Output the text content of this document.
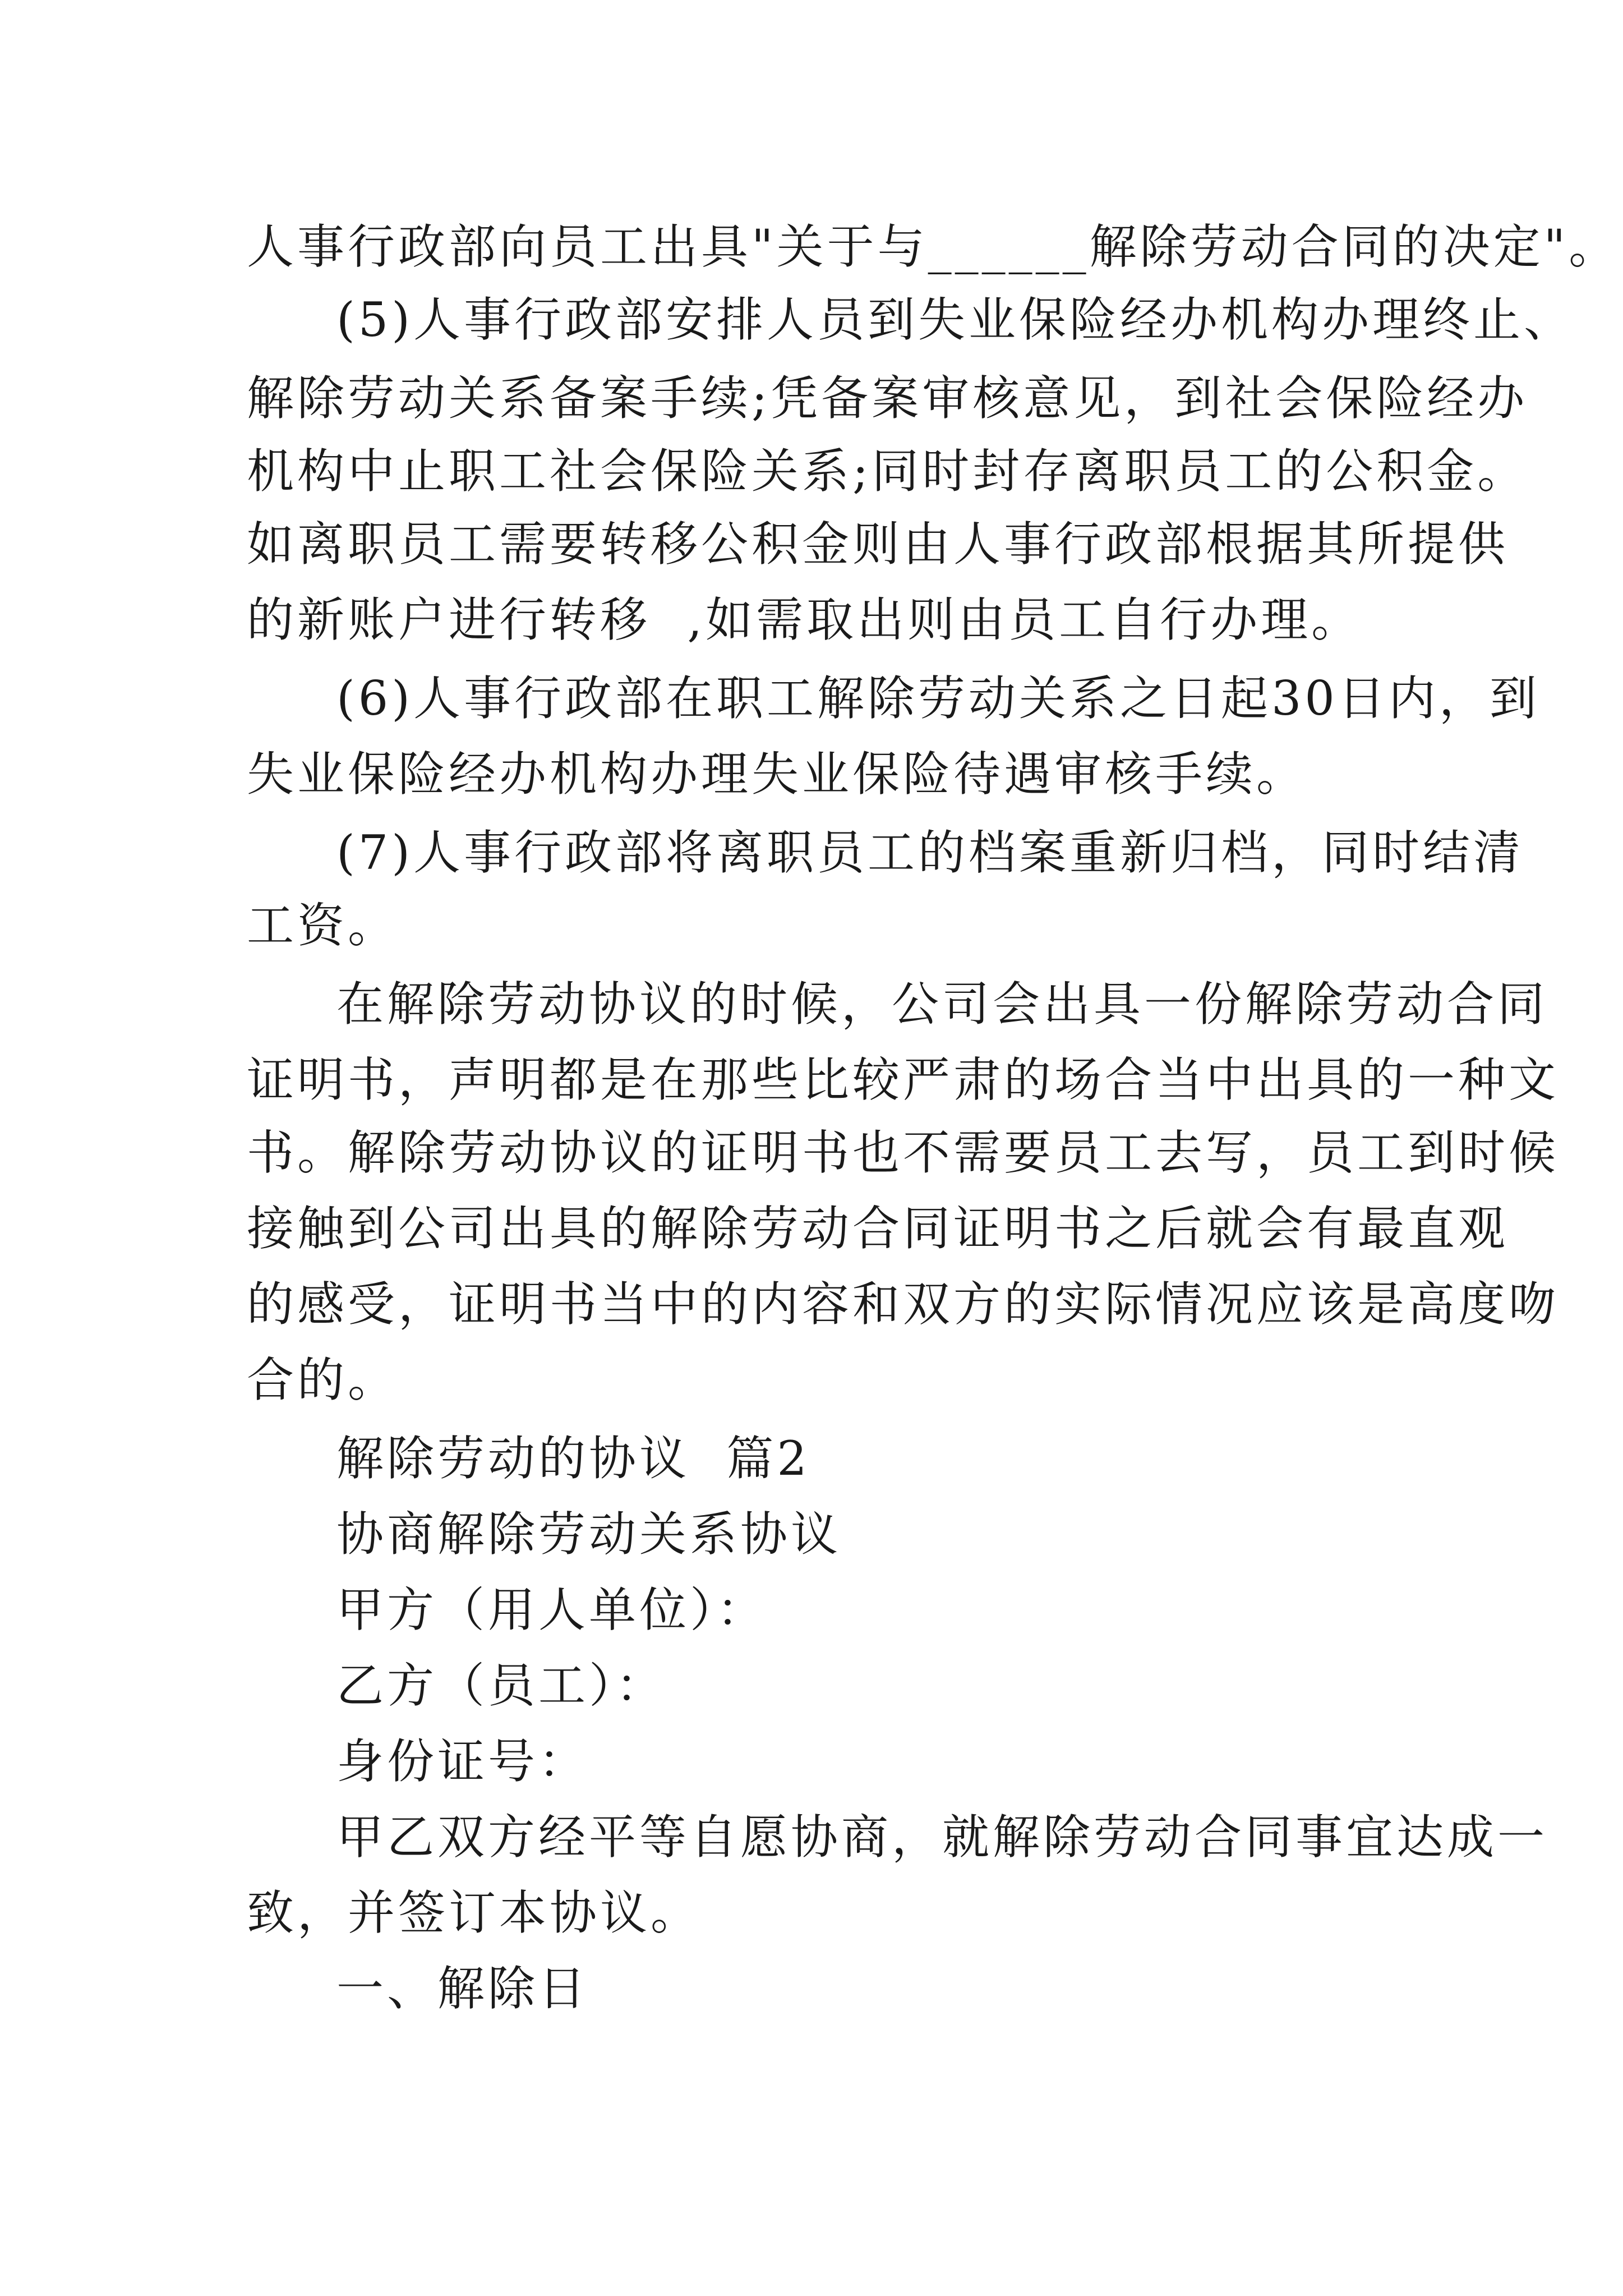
人事行政部向员工出具"关于与______解除劳动合同的决定"。
(5)人事行政部安排人员到失业保险经办机构办理终止、
解除劳动关系备案手续;凭备案审核意见，到社会保险经办
机构中止职工社会保险关系;同时封存离职员工的公积金。
如离职员工需要转移公积金则由人事行政部根据其所提供
的新账户进行转移  ,如需取出则由员工自行办理。
(6)人事行政部在职工解除劳动关系之日起30日内，到
失业保险经办机构办理失业保险待遇审核手续。
(7)人事行政部将离职员工的档案重新归档，同时结清
工资。
在解除劳动协议的时候，公司会出具一份解除劳动合同
证明书，声明都是在那些比较严肃的场合当中出具的一种文
书。解除劳动协议的证明书也不需要员工去写，员工到时候
接触到公司出具的解除劳动合同证明书之后就会有最直观
的感受，证明书当中的内容和双方的实际情况应该是高度吻
合的。
解除劳动的协议  篇2
协商解除劳动关系协议
甲方（用人单位）：
乙方（员工）：
身份证号：
甲乙双方经平等自愿协商，就解除劳动合同事宜达成一
致，并签订本协议。
一、解除日
